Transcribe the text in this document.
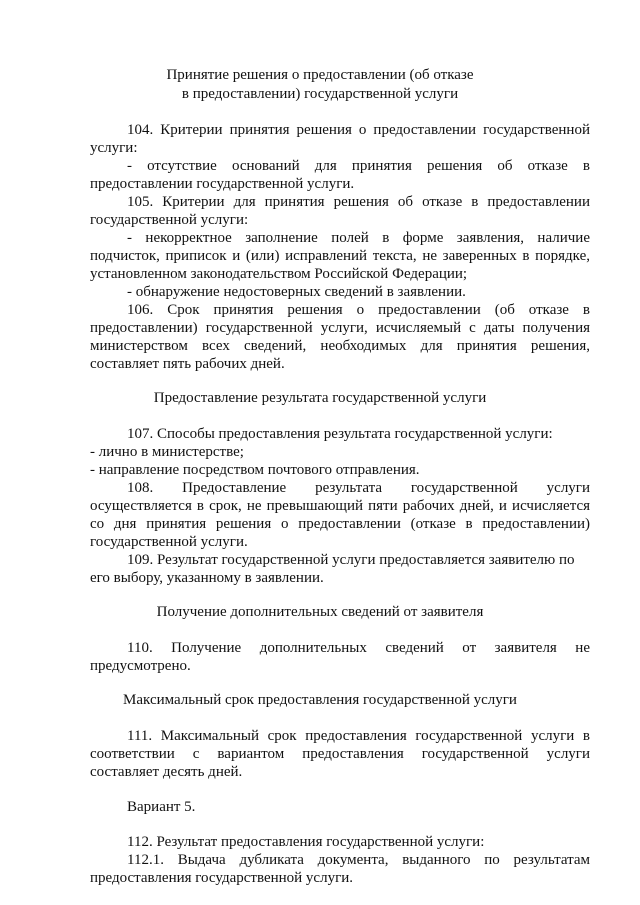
Принятие решения о предоставлении (об отказе
в предоставлении) государственной услуги
104. Критерии принятия решения о предоставлении государственной
услуги:
- отсутствие оснований для принятия решения об отказе в
предоставлении государственной услуги.
105. Критерии для принятия решения об отказе в предоставлении
государственной услуги:
- некорректное заполнение полей в форме заявления, наличие
подчисток, приписок и (или) исправлений текста, не заверенных в порядке,
установленном законодательством Российской Федерации;
- обнаружение недостоверных сведений в заявлении.
106. Срок принятия решения о предоставлении (об отказе в
предоставлении) государственной услуги, исчисляемый с даты получения
министерством всех сведений, необходимых для принятия решения,
составляет пять рабочих дней.
Предоставление результата государственной услуги
107. Способы предоставления результата государственной услуги:
- лично в министерстве;
- направление посредством почтового отправления.
108. Предоставление результата государственной услуги
осуществляется в срок, не превышающий пяти рабочих дней, и исчисляется
со дня принятия решения о предоставлении (отказе в предоставлении)
государственной услуги.
109. Результат государственной услуги предоставляется заявителю по
его выбору, указанному в заявлении.
Получение дополнительных сведений от заявителя
110. Получение дополнительных сведений от заявителя не
предусмотрено.
Максимальный срок предоставления государственной услуги
111. Максимальный срок предоставления государственной услуги в
соответствии с вариантом предоставления государственной услуги
составляет десять дней.
Вариант 5.
112. Результат предоставления государственной услуги:
112.1. Выдача дубликата документа, выданного по результатам
предоставления государственной услуги.
